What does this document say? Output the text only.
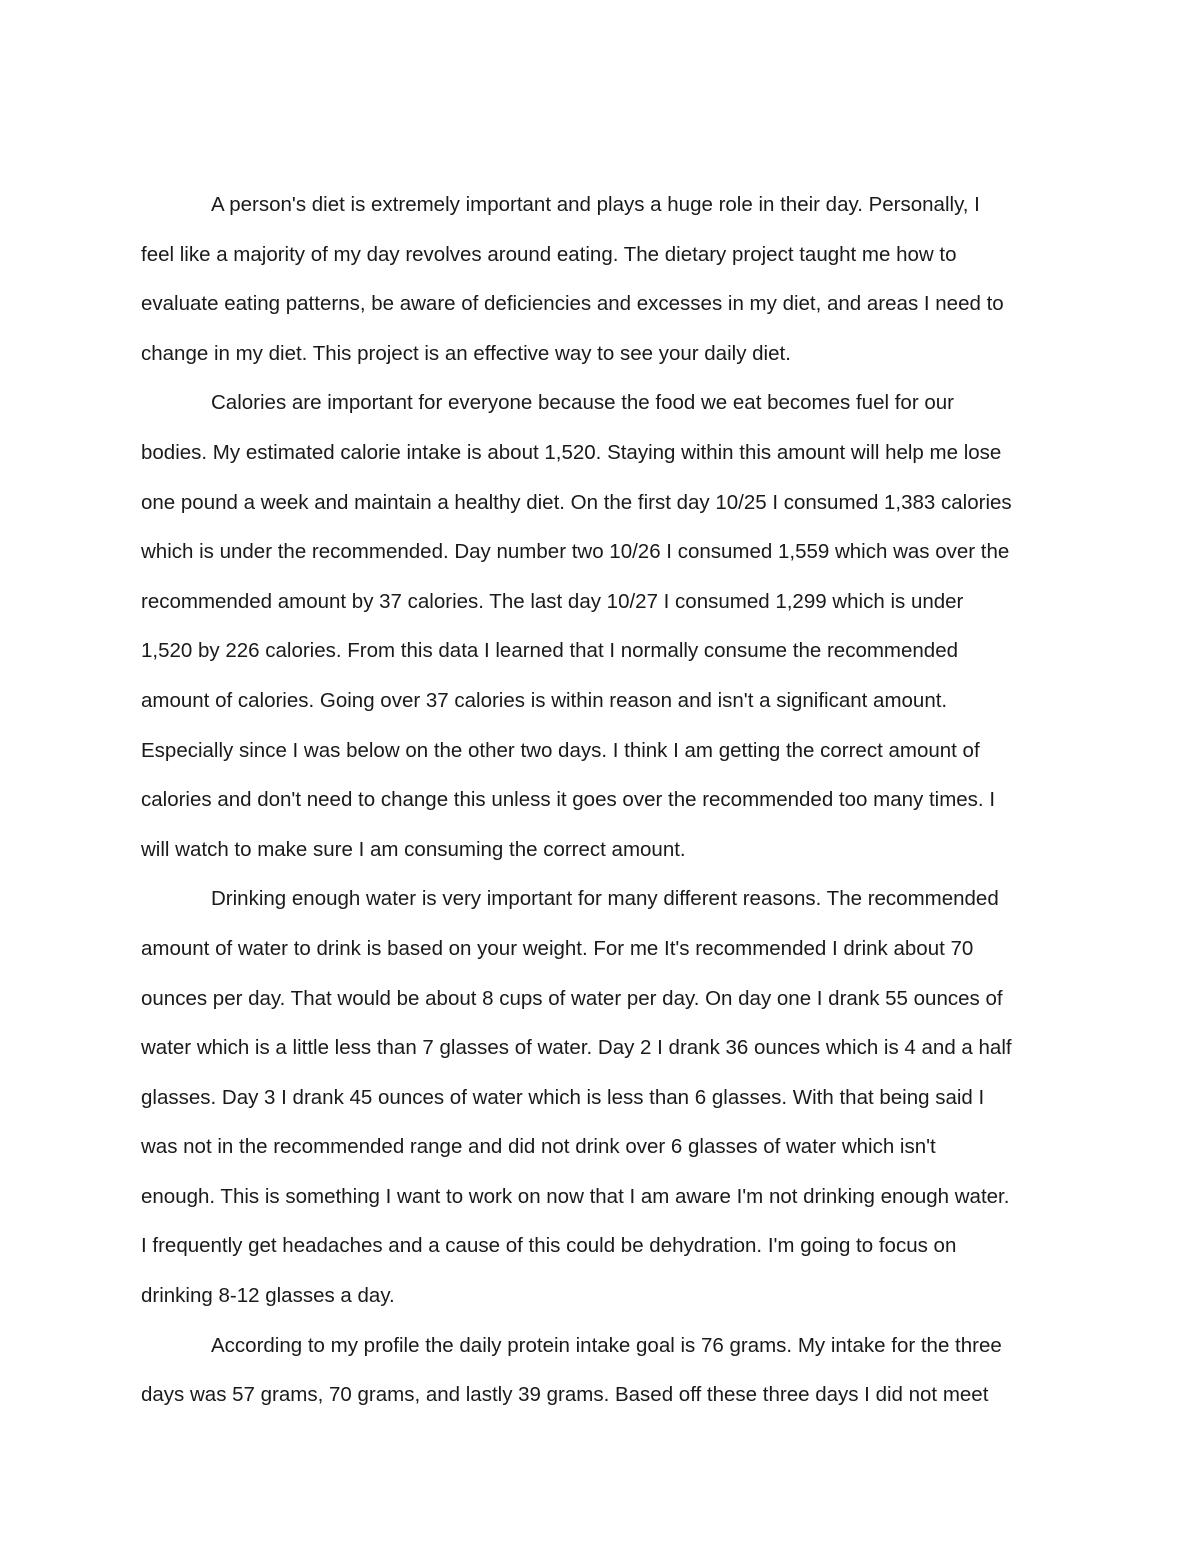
A person's diet is extremely important and plays a huge role in their day. Personally, I
feel like a majority of my day revolves around eating. The dietary project taught me how to
evaluate eating patterns, be aware of deficiencies and excesses in my diet, and areas I need to
change in my diet. This project is an effective way to see your daily diet.
Calories are important for everyone because the food we eat becomes fuel for our
bodies. My estimated calorie intake is about 1,520. Staying within this amount will help me lose
one pound a week and maintain a healthy diet. On the first day 10/25 I consumed 1,383 calories
which is under the recommended. Day number two 10/26 I consumed 1,559 which was over the
recommended amount by 37 calories. The last day 10/27 I consumed 1,299 which is under
1,520 by 226 calories. From this data I learned that I normally consume the recommended
amount of calories. Going over 37 calories is within reason and isn't a significant amount.
Especially since I was below on the other two days. I think I am getting the correct amount of
calories and don't need to change this unless it goes over the recommended too many times. I
will watch to make sure I am consuming the correct amount.
Drinking enough water is very important for many different reasons. The recommended
amount of water to drink is based on your weight. For me It's recommended I drink about 70
ounces per day. That would be about 8 cups of water per day. On day one I drank 55 ounces of
water which is a little less than 7 glasses of water. Day 2 I drank 36 ounces which is 4 and a half
glasses. Day 3 I drank 45 ounces of water which is less than 6 glasses. With that being said I
was not in the recommended range and did not drink over 6 glasses of water which isn't
enough. This is something I want to work on now that I am aware I'm not drinking enough water.
I frequently get headaches and a cause of this could be dehydration. I'm going to focus on
drinking 8-12 glasses a day.
According to my profile the daily protein intake goal is 76 grams. My intake for the three
days was 57 grams, 70 grams, and lastly 39 grams. Based off these three days I did not meet
